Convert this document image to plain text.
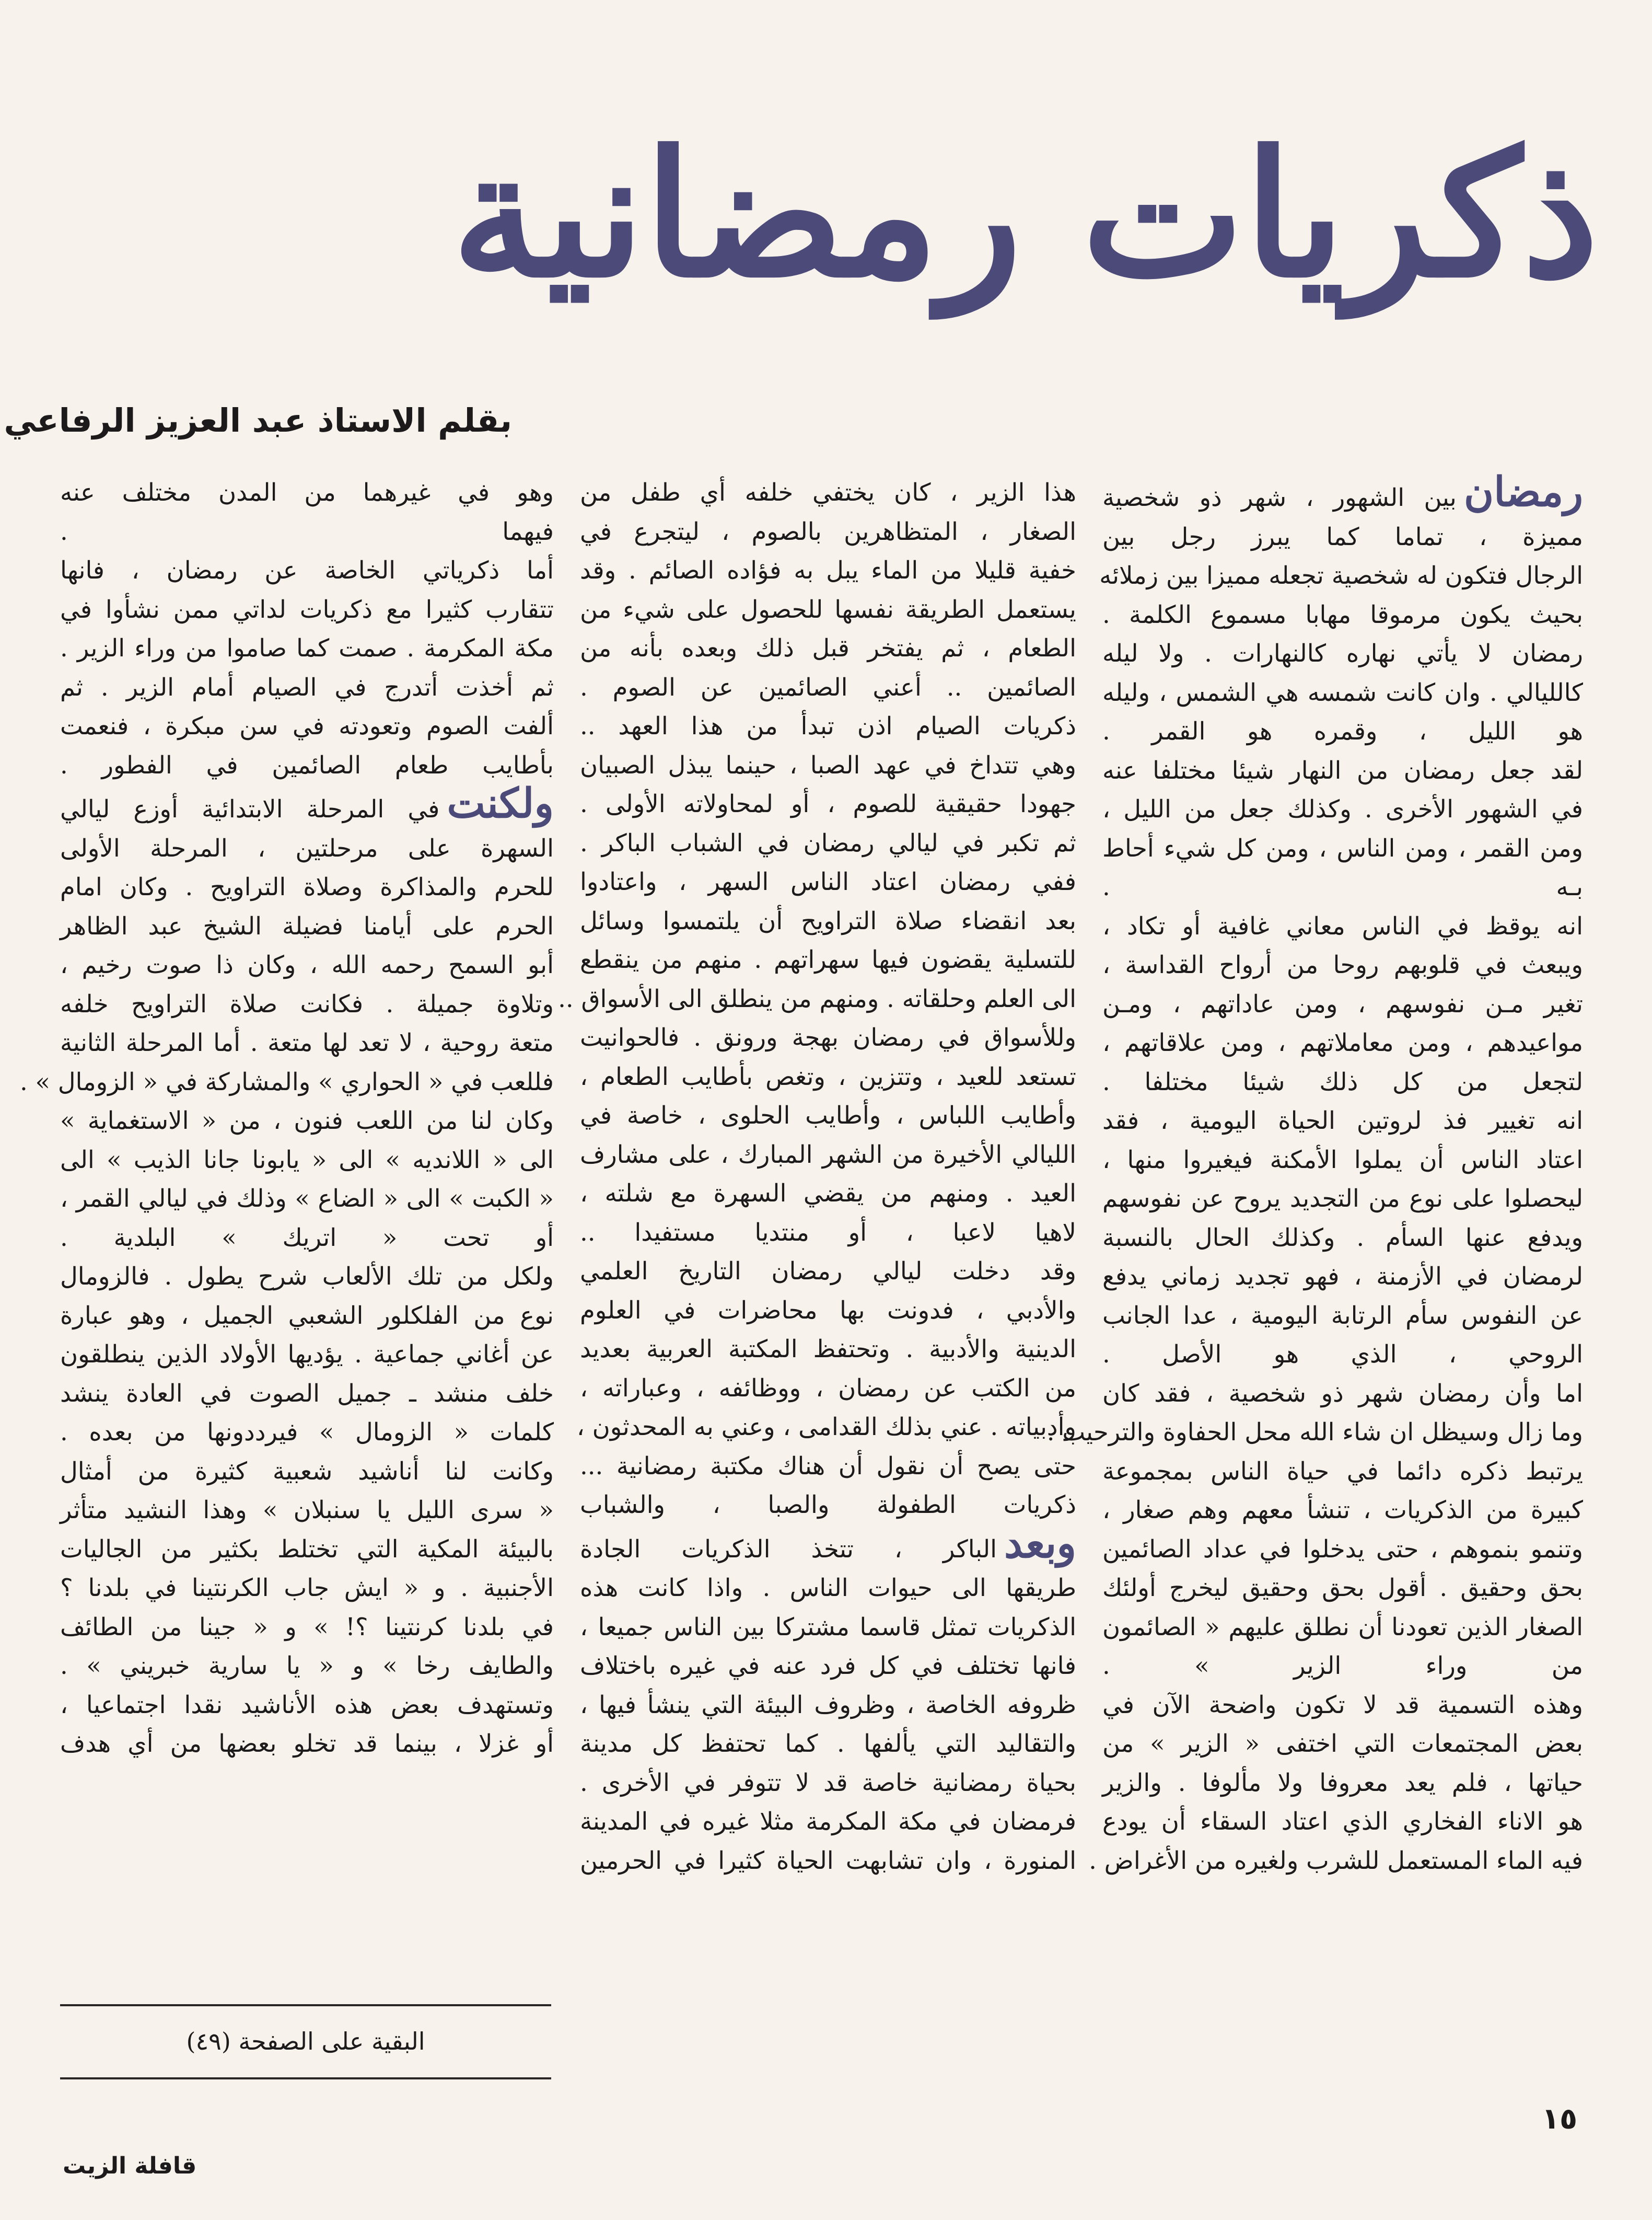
ذكريات رمضانية
بقلم الاستاذ عبد العزيز الرفاعي
رمضانبين الشهور ، شهر ذو شخصية
مميزة ، تماما كما يبرز رجل بين
الرجال فتكون له شخصية تجعله مميزا بين زملائه
بحيث يكون مرموقا مهابا مسموع الكلمة .
رمضان لا يأتي نهاره كالنهارات . ولا ليله
كالليالي . وان كانت شمسه هي الشمس ، وليله
هو الليل ، وقمره هو القمر .
لقد جعل رمضان من النهار شيئا مختلفا عنه
في الشهور الأخرى . وكذلك جعل من الليل ،
ومن القمر ، ومن الناس ، ومن كل شيء أحاط
بـه .
انه يوقظ في الناس معاني غافية أو تكاد ،
ويبعث في قلوبهم روحا من أرواح القداسة ،
تغير مـن نفوسهم ، ومن عاداتهم ، ومـن
مواعيدهم ، ومن معاملاتهم ، ومن علاقاتهم ،
لتجعل من كل ذلك شيئا مختلفا .
انه تغيير فذ لروتين الحياة اليومية ، فقد
اعتاد الناس أن يملوا الأمكنة فيغيروا منها ،
ليحصلوا على نوع من التجديد يروح عن نفوسهم
ويدفع عنها السأم . وكذلك الحال بالنسبة
لرمضان في الأزمنة ، فهو تجديد زماني يدفع
عن النفوس سأم الرتابة اليومية ، عدا الجانب
الروحي ، الذي هو الأصل .
اما وأن رمضان شهر ذو شخصية ، فقد كان
وما زال وسيظل ان شاء الله محل الحفاوة والترحيب .
يرتبط ذكره دائما في حياة الناس بمجموعة
كبيرة من الذكريات ، تنشأ معهم وهم صغار ،
وتنمو بنموهم ، حتى يدخلوا في عداد الصائمين
بحق وحقيق . أقول بحق وحقيق ليخرج أولئك
الصغار الذين تعودنا أن نطلق عليهم « الصائمون
من وراء الزير » .
وهذه التسمية قد لا تكون واضحة الآن في
بعض المجتمعات التي اختفى « الزير » من
حياتها ، فلم يعد معروفا ولا مألوفا . والزير
هو الاناء الفخاري الذي اعتاد السقاء أن يودع
فيه الماء المستعمل للشرب ولغيره من الأغراض .
هذا الزير ، كان يختفي خلفه أي طفل من
الصغار ، المتظاهرين بالصوم ، ليتجرع في
خفية قليلا من الماء يبل به فؤاده الصائم . وقد
يستعمل الطريقة نفسها للحصول على شيء من
الطعام ، ثم يفتخر قبل ذلك وبعده بأنه من
الصائمين .. أعني الصائمين عن الصوم .
ذكريات الصيام اذن تبدأ من هذا العهد ..
وهي تتداخ في عهد الصبا ، حينما يبذل الصبيان
جهودا حقيقية للصوم ، أو لمحاولاته الأولى .
ثم تكبر في ليالي رمضان في الشباب الباكر .
ففي رمضان اعتاد الناس السهر ، واعتادوا
بعد انقضاء صلاة التراويح أن يلتمسوا وسائل
للتسلية يقضون فيها سهراتهم . منهم من ينقطع
الى العلم وحلقاته . ومنهم من ينطلق الى الأسواق ..
وللأسواق في رمضان بهجة ورونق . فالحوانيت
تستعد للعيد ، وتتزين ، وتغص بأطايب الطعام ،
وأطايب اللباس ، وأطايب الحلوى ، خاصة في
الليالي الأخيرة من الشهر المبارك ، على مشارف
العيد . ومنهم من يقضي السهرة مع شلته ،
لاهيا لاعبا ، أو منتديا مستفيدا ..
وقد دخلت ليالي رمضان التاريخ العلمي
والأدبي ، فدونت بها محاضرات في العلوم
الدينية والأدبية . وتحتفظ المكتبة العربية بعديد
من الكتب عن رمضان ، ووظائفه ، وعباراته ،
وأدبياته . عني بذلك القدامى ، وعني به المحدثون ،
حتى يصح أن نقول أن هناك مكتبة رمضانية ...
ذكريات الطفولة والصبا ، والشباب
وبعدالباكر ، تتخذ الذكريات الجادة
طريقها الى حيوات الناس . واذا كانت هذه
الذكريات تمثل قاسما مشتركا بين الناس جميعا ،
فانها تختلف في كل فرد عنه في غيره باختلاف
ظروفه الخاصة ، وظروف البيئة التي ينشأ فيها ،
والتقاليد التي يألفها . كما تحتفظ كل مدينة
بحياة رمضانية خاصة قد لا تتوفر في الأخرى .
فرمضان في مكة المكرمة مثلا غيره في المدينة
المنورة ، وان تشابهت الحياة كثيرا في الحرمين
وهو في غيرهما من المدن مختلف عنه
فيهما .
أما ذكرياتي الخاصة عن رمضان ، فانها
تتقارب كثيرا مع ذكريات لداتي ممن نشأوا في
مكة المكرمة . صمت كما صاموا من وراء الزير .
ثم أخذت أتدرج في الصيام أمام الزير . ثم
ألفت الصوم وتعودته في سن مبكرة ، فنعمت
بأطايب طعام الصائمين في الفطور .
ولكنتفي المرحلة الابتدائية أوزع ليالي
السهرة على مرحلتين ، المرحلة الأولى
للحرم والمذاكرة وصلاة التراويح . وكان امام
الحرم على أيامنا فضيلة الشيخ عبد الظاهر
أبو السمح رحمه الله ، وكان ذا صوت رخيم ،
وتلاوة جميلة . فكانت صلاة التراويح خلفه
متعة روحية ، لا تعد لها متعة . أما المرحلة الثانية
فللعب في « الحواري » والمشاركة في « الزومال » .
وكان لنا من اللعب فنون ، من « الاستغماية »
الى « اللانديه » الى « يابونا جانا الذيب » الى
« الكبت » الى « الضاع » وذلك في ليالي القمر ،
أو تحت « اتريك » البلدية .
ولكل من تلك الألعاب شرح يطول . فالزومال
نوع من الفلكلور الشعبي الجميل ، وهو عبارة
عن أغاني جماعية . يؤديها الأولاد الذين ينطلقون
خلف منشد ـ جميل الصوت في العادة ينشد
كلمات « الزومال » فيرددونها من بعده .
وكانت لنا أناشيد شعبية كثيرة من أمثال
« سرى الليل يا سنبلان » وهذا النشيد متأثر
بالبيئة المكية التي تختلط بكثير من الجاليات
الأجنبية . و « ايش جاب الكرنتينا في بلدنا ؟
في بلدنا كرنتينا ؟! » و « جينا من الطائف
والطايف رخا » و « يا سارية خبريني » .
وتستهدف بعض هذه الأناشيد نقدا اجتماعيا ،
أو غزلا ، بينما قد تخلو بعضها من أي هدف
البقية على الصفحة (٤٩)
١٥
قافلة الزيت
